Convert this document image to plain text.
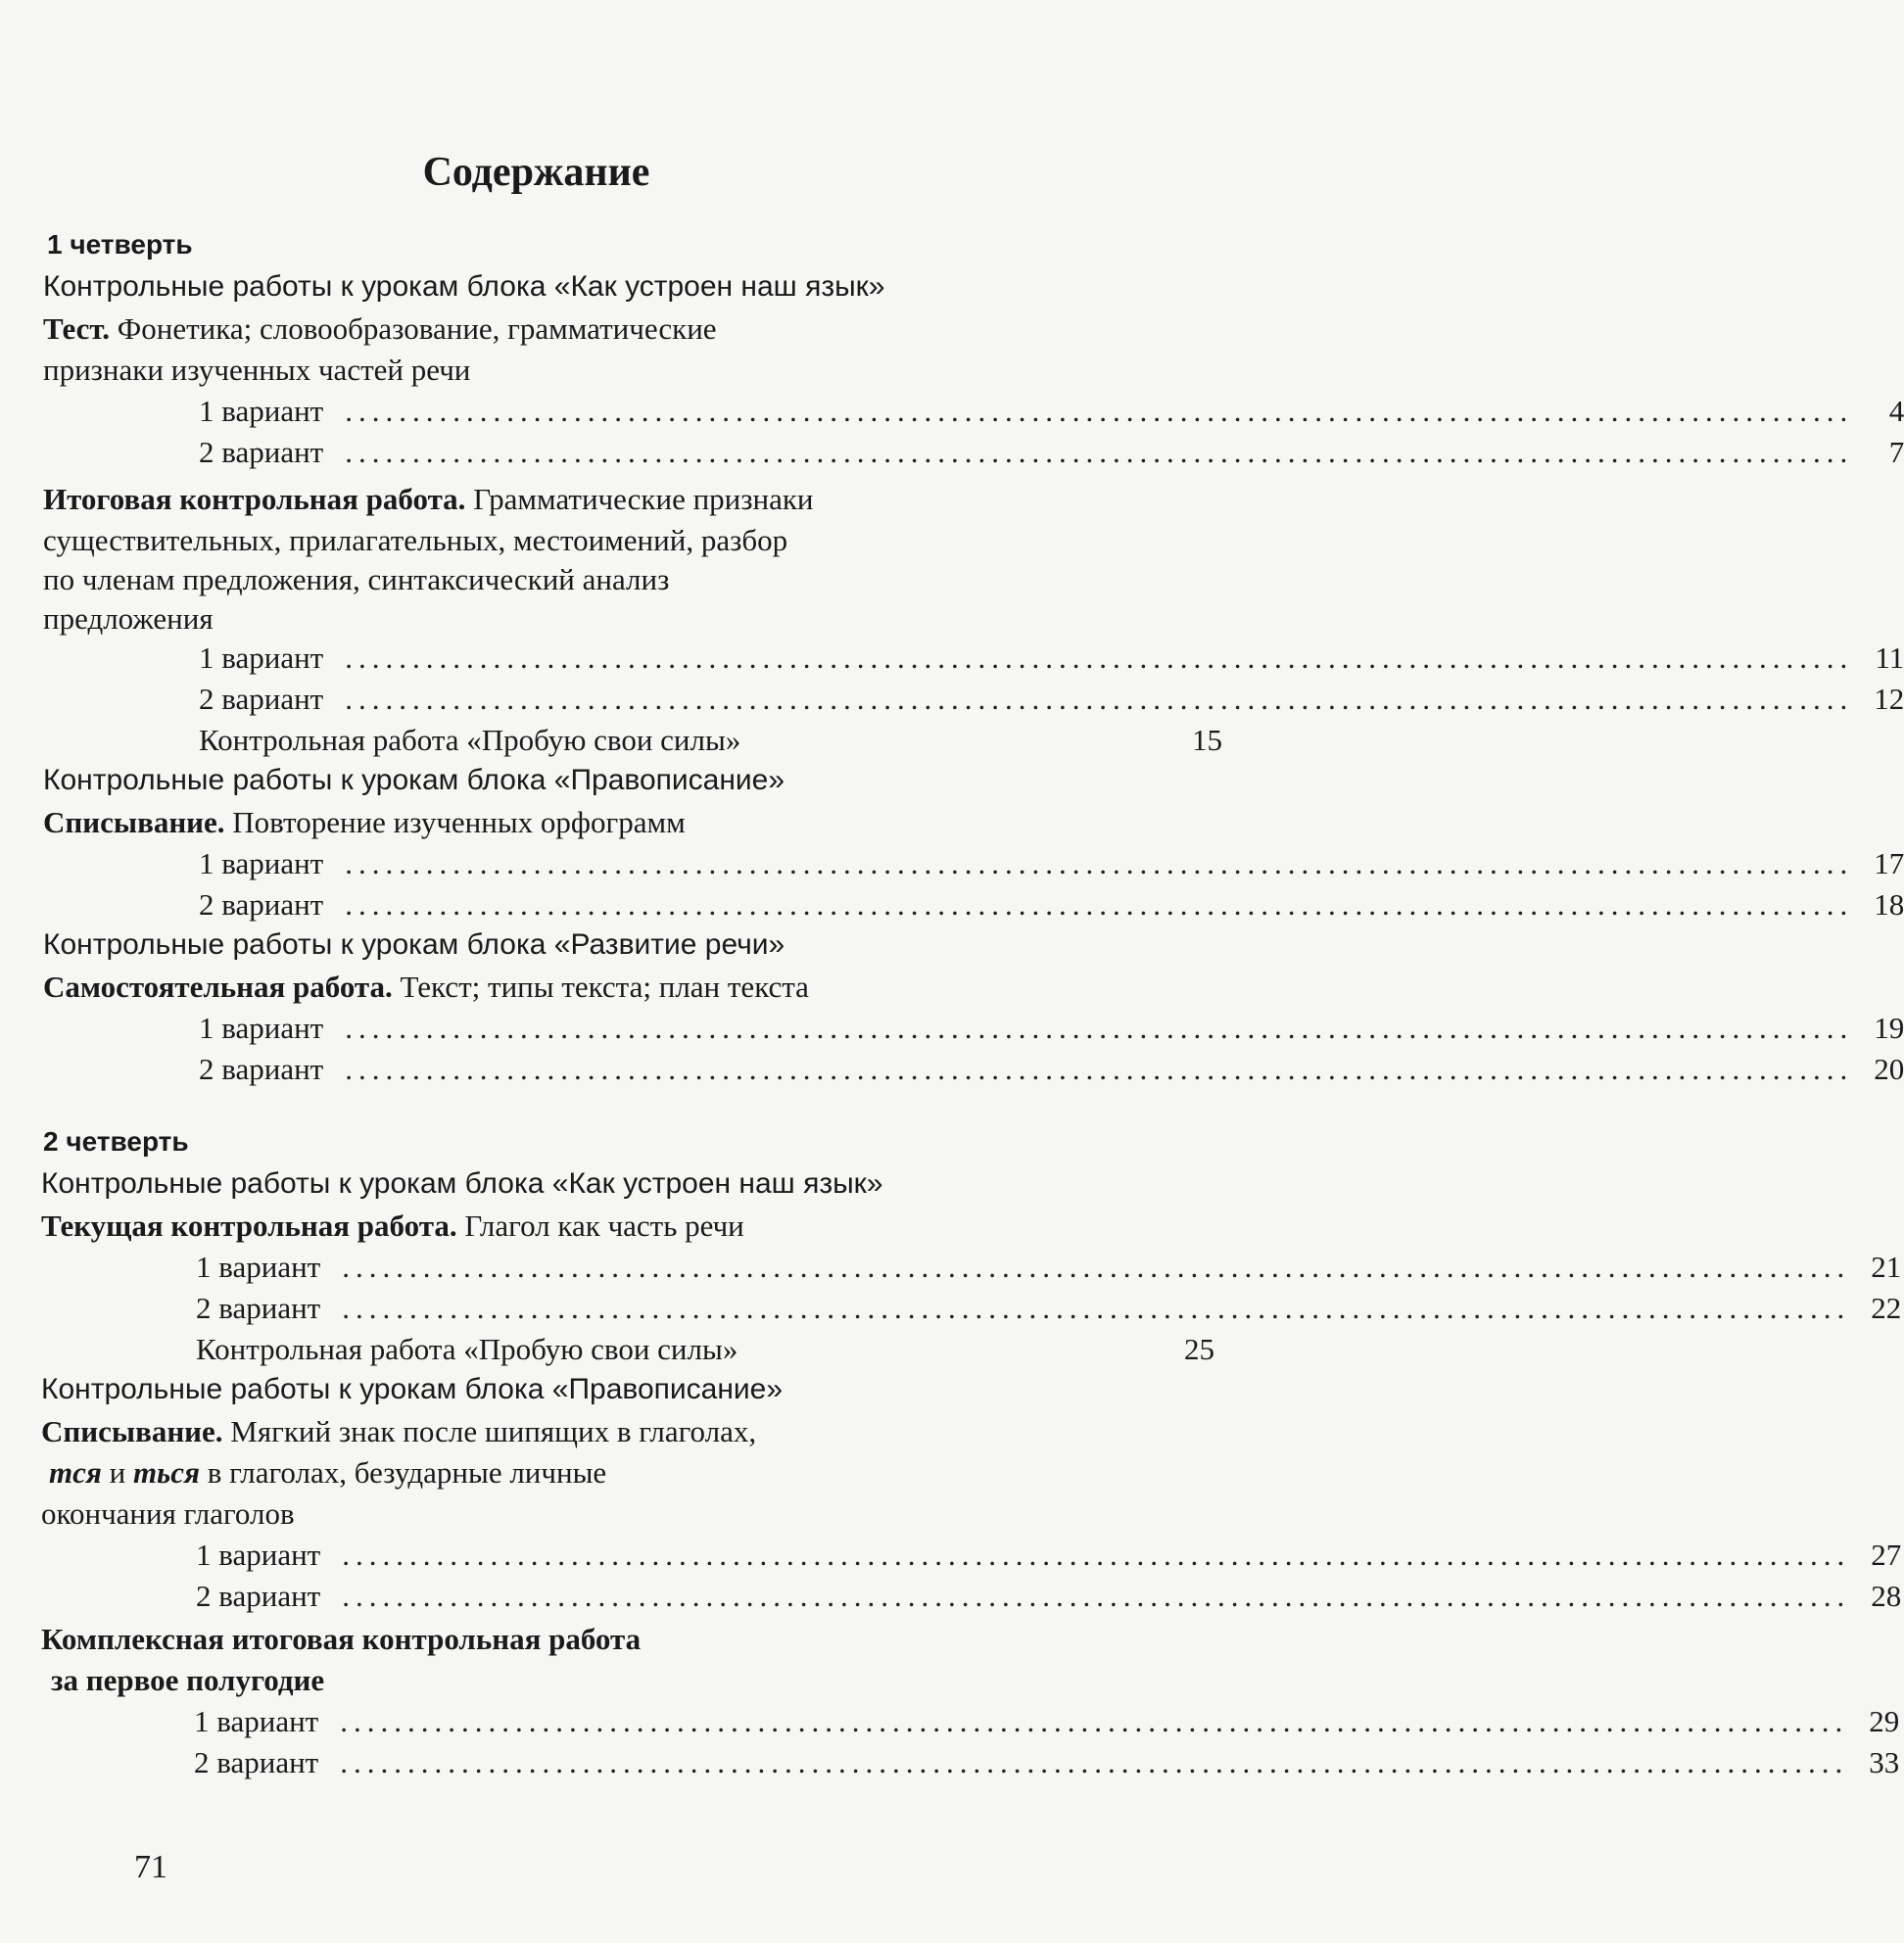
Содержание
1 четверть
Контрольные работы к урокам блока «Как устроен наш язык»
Тест. Фонетика; словообразование, грамматические
признаки изученных частей речи
1 вариант ................................................................................................................	4
2 вариант ................................................................................................................	7
Итоговая контрольная работа. Грамматические признаки
существительных, прилагательных, местоимений, разбор
по членам предложения, синтаксический анализ
предложения
1 вариант ................................................................................................................ 11
2 вариант ................................................................................................................ 12
Контрольная работа «Пробую свои силы»	15
Контрольные работы к урокам блока «Правописание»
Списывание. Повторение изученных орфограмм
1 вариант ................................................................................................................ 17
2 вариант ................................................................................................................ 18
Контрольные работы к урокам блока «Развитие речи»
Самостоятельная работа. Текст; типы текста; план текста
1 вариант ................................................................................................................ 19
2 вариант ................................................................................................................ 20
2 четверть
Контрольные работы к урокам блока «Как устроен наш язык»
Текущая контрольная работа. Глагол как часть речи
1 вариант ................................................................................................................ 21
2 вариант ................................................................................................................ 22
Контрольная работа «Пробую свои силы»	25
Контрольные работы к урокам блока «Правописание»
Списывание. Мягкий знак после шипящих в глаголах,
тся и ться в глаголах, безударные личные
окончания глаголов
1 вариант ................................................................................................................ 27
2 вариант ................................................................................................................ 28
Комплексная итоговая контрольная работа
за первое полугодие
1 вариант ................................................................................................................ 29
2 вариант ................................................................................................................ 33
71
